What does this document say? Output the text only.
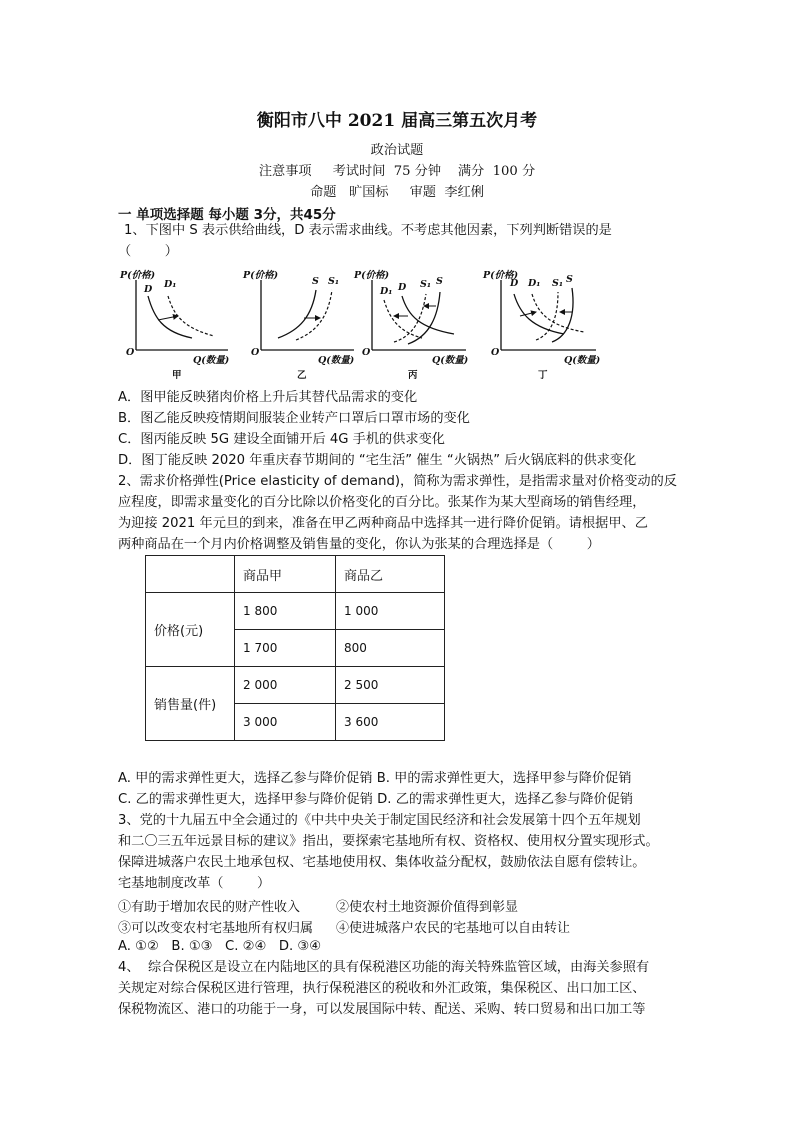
衡阳市八中 2021 届高三第五次月考
政治试题
注意事项     考试时间  75 分钟    满分  100 分
命题   旷国标     审题  李红俐
一 单项选择题 每小题 3分，共45分
1、下图中 S 表示供给曲线，D 表示需求曲线。不考虑其他因素，下列判断错误的是
（        ）
P(价格)
O
Q(数量)
D D₁
甲
P(价格)
O
Q(数量)
S S₁
乙
P(价格)
O
Q(数量)
D₁ D S₁ S
丙
P(价格)
O
Q(数量)
D D₁ S₁ S
丁
A．图甲能反映猪肉价格上升后其替代品需求的变化
B．图乙能反映疫情期间服装企业转产口罩后口罩市场的变化
C．图丙能反映 5G 建设全面铺开后 4G 手机的供求变化
D．图丁能反映 2020 年重庆春节期间的 “宅生活” 催生 “火锅热” 后火锅底料的供求变化
2、需求价格弹性(Price elasticity of demand)，简称为需求弹性，是指需求量对价格变动的反
应程度，即需求量变化的百分比除以价格变化的百分比。张某作为某大型商场的销售经理，
为迎接 2021 年元旦的到来，准备在甲乙两种商品中选择其一进行降价促销。请根据甲、乙
两种商品在一个月内价格调整及销售量的变化，你认为张某的合理选择是（        ）
	商品甲	商品乙
价格(元)	1 800	1 000
	1 700	800
销售量(件)	2 000	2 500
	3 000	3 600
A. 甲的需求弹性更大，选择乙参与降价促销 B. 甲的需求弹性更大，选择甲参与降价促销
C. 乙的需求弹性更大，选择甲参与降价促销 D. 乙的需求弹性更大，选择乙参与降价促销
3、党的十九届五中全会通过的《中共中央关于制定国民经济和社会发展第十四个五年规划
和二〇三五年远景目标的建议》指出，要探索宅基地所有权、资格权、使用权分置实现形式。
保障进城落户农民土地承包权、宅基地使用权、集体收益分配权，鼓励依法自愿有偿转让。
宅基地制度改革（        ）
①有助于增加农民的财产性收入	②使农村土地资源价值得到彰显
③可以改变农村宅基地所有权归属 ④使进城落户农民的宅基地可以自由转让
A. ①②   B. ①③   C. ②④   D. ③④
4、  综合保税区是设立在内陆地区的具有保税港区功能的海关特殊监管区域，由海关参照有
关规定对综合保税区进行管理，执行保税港区的税收和外汇政策，集保税区、出口加工区、
保税物流区、港口的功能于一身，可以发展国际中转、配送、采购、转口贸易和出口加工等
